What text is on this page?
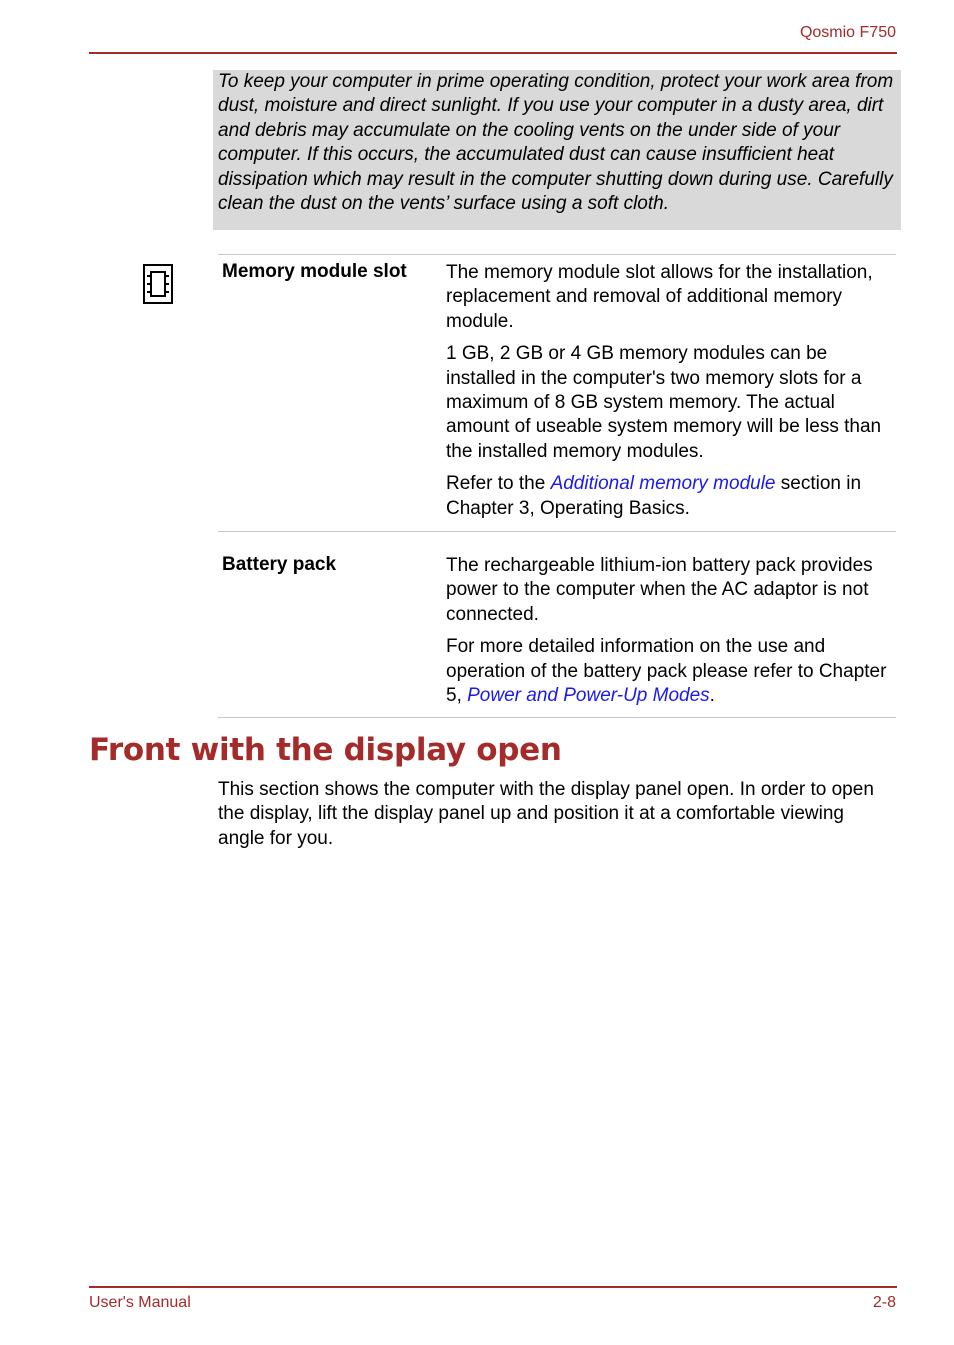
Qosmio F750
To keep your computer in prime operating condition, protect your work area from dust, moisture and direct sunlight. If you use your computer in a dusty area, dirt and debris may accumulate on the cooling vents on the under side of your computer. If this occurs, the accumulated dust can cause insufficient heat dissipation which may result in the computer shutting down during use. Carefully clean the dust on the vents’ surface using a soft cloth.
Memory module slot The memory module slot allows for the installation, replacement and removal of additional memory module.

1 GB, 2 GB or 4 GB memory modules can be installed in the computer's two memory slots for a maximum of 8 GB system memory. The actual amount of useable system memory will be less than the installed memory modules.

Refer to the Additional memory module section in Chapter 3, Operating Basics.

Battery pack	The rechargeable lithium-ion battery pack provides power to the computer when the AC adaptor is not connected.

For more detailed information on the use and operation of the battery pack please refer to Chapter 5, Power and Power-Up Modes.

Front with the display open

This section shows the computer with the display panel open. In order to open the display, lift the display panel up and position it at a comfortable viewing angle for you.

User's Manual	2-8
